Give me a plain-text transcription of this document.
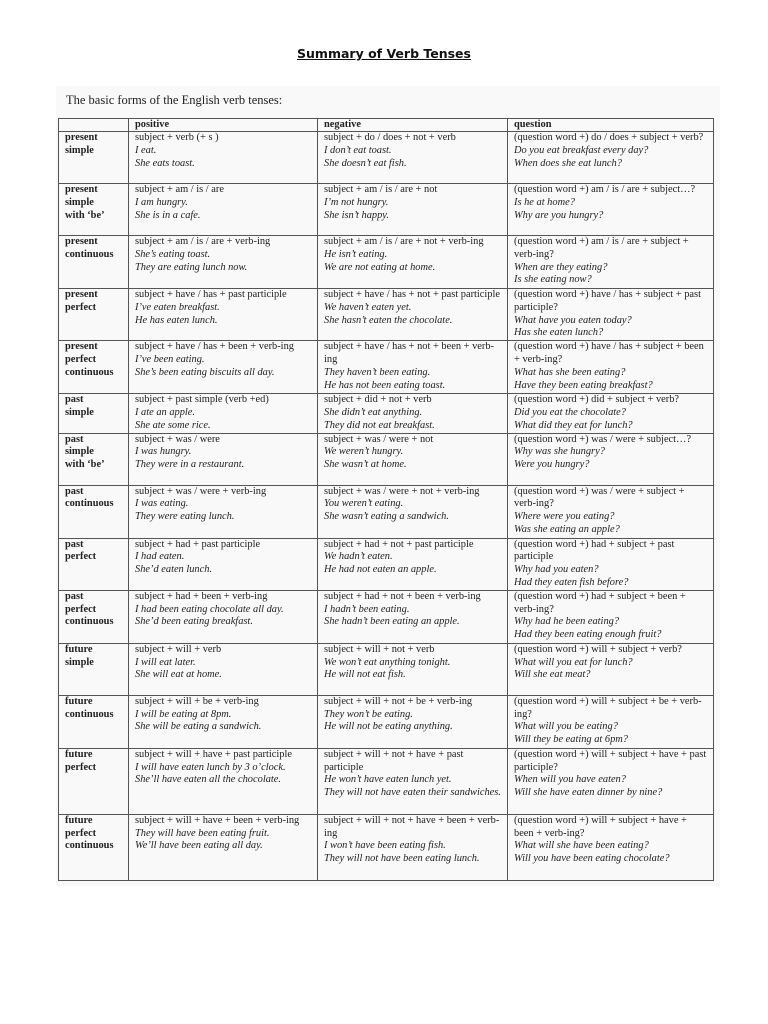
Summary of Verb Tenses
The basic forms of the English verb tenses:
	positive	negative	question

present
simple	subject + verb (+ s )
I eat.
She eats toast.	subject + do / does + not + verb
I don’t eat toast.
She doesn’t eat fish.	(question word +) do / does + subject + verb?
Do you eat breakfast every day?
When does she eat lunch?

present
simple
with ‘be’	subject + am / is / are
I am hungry.
She is in a cafe.	subject + am / is / are + not
I’m not hungry.
She isn’t happy.	(question word +) am / is / are + subject…?
Is he at home?
Why are you hungry?

present
continuous	subject + am / is / are + verb-ing
She’s eating toast.
They are eating lunch now.	subject + am / is / are + not + verb-ing
He isn’t eating.
We are not eating at home.	(question word +) am / is / are + subject + verb-ing?
When are they eating?
Is she eating now?

present
perfect	subject + have / has + past participle
I’ve eaten breakfast.
He has eaten lunch.	subject + have / has + not + past participle
We haven’t eaten yet.
She hasn’t eaten the chocolate.	(question word +) have / has + subject + past participle?
What have you eaten today?
Has she eaten lunch?

present
perfect
continuous	subject + have / has + been + verb-ing
I’ve been eating.
She’s been eating biscuits all day.	subject + have / has + not + been + verb-ing
They haven’t been eating.
He has not been eating toast.	(question word +) have / has + subject + been + verb-ing?
What has she been eating?
Have they been eating breakfast?

past
simple	subject + past simple (verb +ed)
I ate an apple.
She ate some rice.	subject + did + not + verb
She didn’t eat anything.
They did not eat breakfast.	(question word +) did + subject + verb?
Did you eat the chocolate?
What did they eat for lunch?

past
simple
with ‘be’	subject + was / were
I was hungry.
They were in a restaurant.	subject + was / were + not
We weren’t hungry.
She wasn’t at home.	(question word +) was / were + subject…?
Why was she hungry?
Were you hungry?

past
continuous	subject + was / were + verb-ing
I was eating.
They were eating lunch.	subject + was / were + not + verb-ing
You weren’t eating.
She wasn’t eating a sandwich.	(question word +) was / were + subject + verb-ing?
Where were you eating?
Was she eating an apple?

past
perfect	subject + had + past participle
I had eaten.
She’d eaten lunch.	subject + had + not + past participle
We hadn’t eaten.
He had not eaten an apple.	(question word +) had + subject + past participle
Why had you eaten?
Had they eaten fish before?

past
perfect
continuous	subject + had + been + verb-ing
I had been eating chocolate all day.
She’d been eating breakfast.	subject + had + not + been + verb-ing
I hadn’t been eating.
She hadn’t been eating an apple.	(question word +) had + subject + been + verb-ing?
Why had he been eating?
Had they been eating enough fruit?

future
simple	subject + will + verb
I will eat later.
She will eat at home.	subject + will + not + verb
We won’t eat anything tonight.
He will not eat fish.	(question word +) will + subject + verb?
What will you eat for lunch?
Will she eat meat?

future
continuous	subject + will + be + verb-ing
I will be eating at 8pm.
She will be eating a sandwich.	subject + will + not + be + verb-ing
They won’t be eating.
He will not be eating anything.	(question word +) will + subject + be + verb-ing?
What will you be eating?
Will they be eating at 6pm?

future
perfect	subject + will + have + past participle
I will have eaten lunch by 3 o’clock.
She’ll have eaten all the chocolate.	subject + will + not + have + past participle
He won’t have eaten lunch yet.
They will not have eaten their sandwiches.	(question word +) will + subject + have + past participle?
When will you have eaten?
Will she have eaten dinner by nine?

future
perfect
continuous	subject + will + have + been + verb-ing
They will have been eating fruit.
We’ll have been eating all day.	subject + will + not + have + been + verb-ing
I won’t have been eating fish.
They will not have been eating lunch.	(question word +) will + subject + have + been + verb-ing?
What will she have been eating?
Will you have been eating chocolate?
